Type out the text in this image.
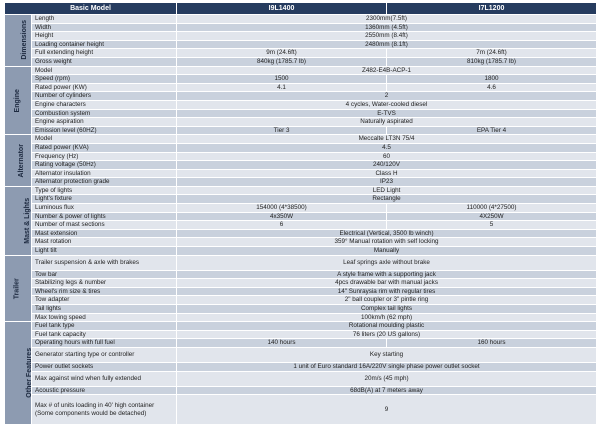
Basic Model		I9L1400	I7L1200
Dimensions	Length	2300mm(7.5ft)	
	Width	1360mm (4.5ft)	
	Height	2550mm (8.4ft)	
	Loading container height	2480mm (8.1ft)	
	Full extending height	9m (24.6ft)	7m (24.6ft)
	Gross weight	840kg (1785.7 lb)	810kg (1785.7 lb)
Engine	Model	Z482-E4B-ACP-1	
	Speed (rpm)	1500	1800
	Rated power (KW)	4.1	4.6
	Number of cylinders	2	
	Engine characters	4 cycles, Water-cooled diesel	
	Combustion system	E-TVS	
	Engine aspiration	Naturally aspirated	
	Emission level (60HZ)	Tier 3	EPA Tier 4
Alternator	Model	Meccalte LT3N 75/4	
	Rated power (KVA)	4.5	
	Frequency (Hz)	60	
	Rating voltage (50Hz)	240/120V	
	Alternator insulation	Class H	
	Alternator protection grade	IP23	
Mast & Lights	Type of lights	LED Light	
	Light's fixture	Rectangle	
	Luminous flux	154000 (4*38500)	110000 (4*27500)
	Number & power of lights	4x350W	4X250W
	Number of mast sections	6	5
	Mast extension	Electrical (Vertical, 3500 lb winch)	
	Mast rotation	359° Manual rotation with self locking	
	Light tilt	Manually	
Trailer	Trailer suspension & axle with brakes	Leaf springs axle without brake	
	Tow bar	A style frame with a supporting jack	
	Stabilizing legs & number	4pcs drawable bar with manual jacks	
	Wheel's rim size & tires	14" Sunraysia rim with regular tires	
	Tow adapter	2" ball coupler or 3" pintle ring	
	Tail lights	Complex tail lights	
	Max towing speed	100km/h (62 mph)	
Other Features	Fuel tank type	Rotational moulding plastic	
	Fuel tank capacity	76 liters (20 US gallons)	
	Operating hours with full fuel	140 hours	160 hours
	Generator starting type or controller	Key starting	
	Power outlet sockets	1 unit of Euro standard 16A/220V single phase power outlet socket	
	Max against wind when fully extended	20m/s (45 mph)	
	Acoustic pressure	68dB(A) at 7 meters away	
	Max # of units loading in 40' high container (Some components would be detached)	9	
